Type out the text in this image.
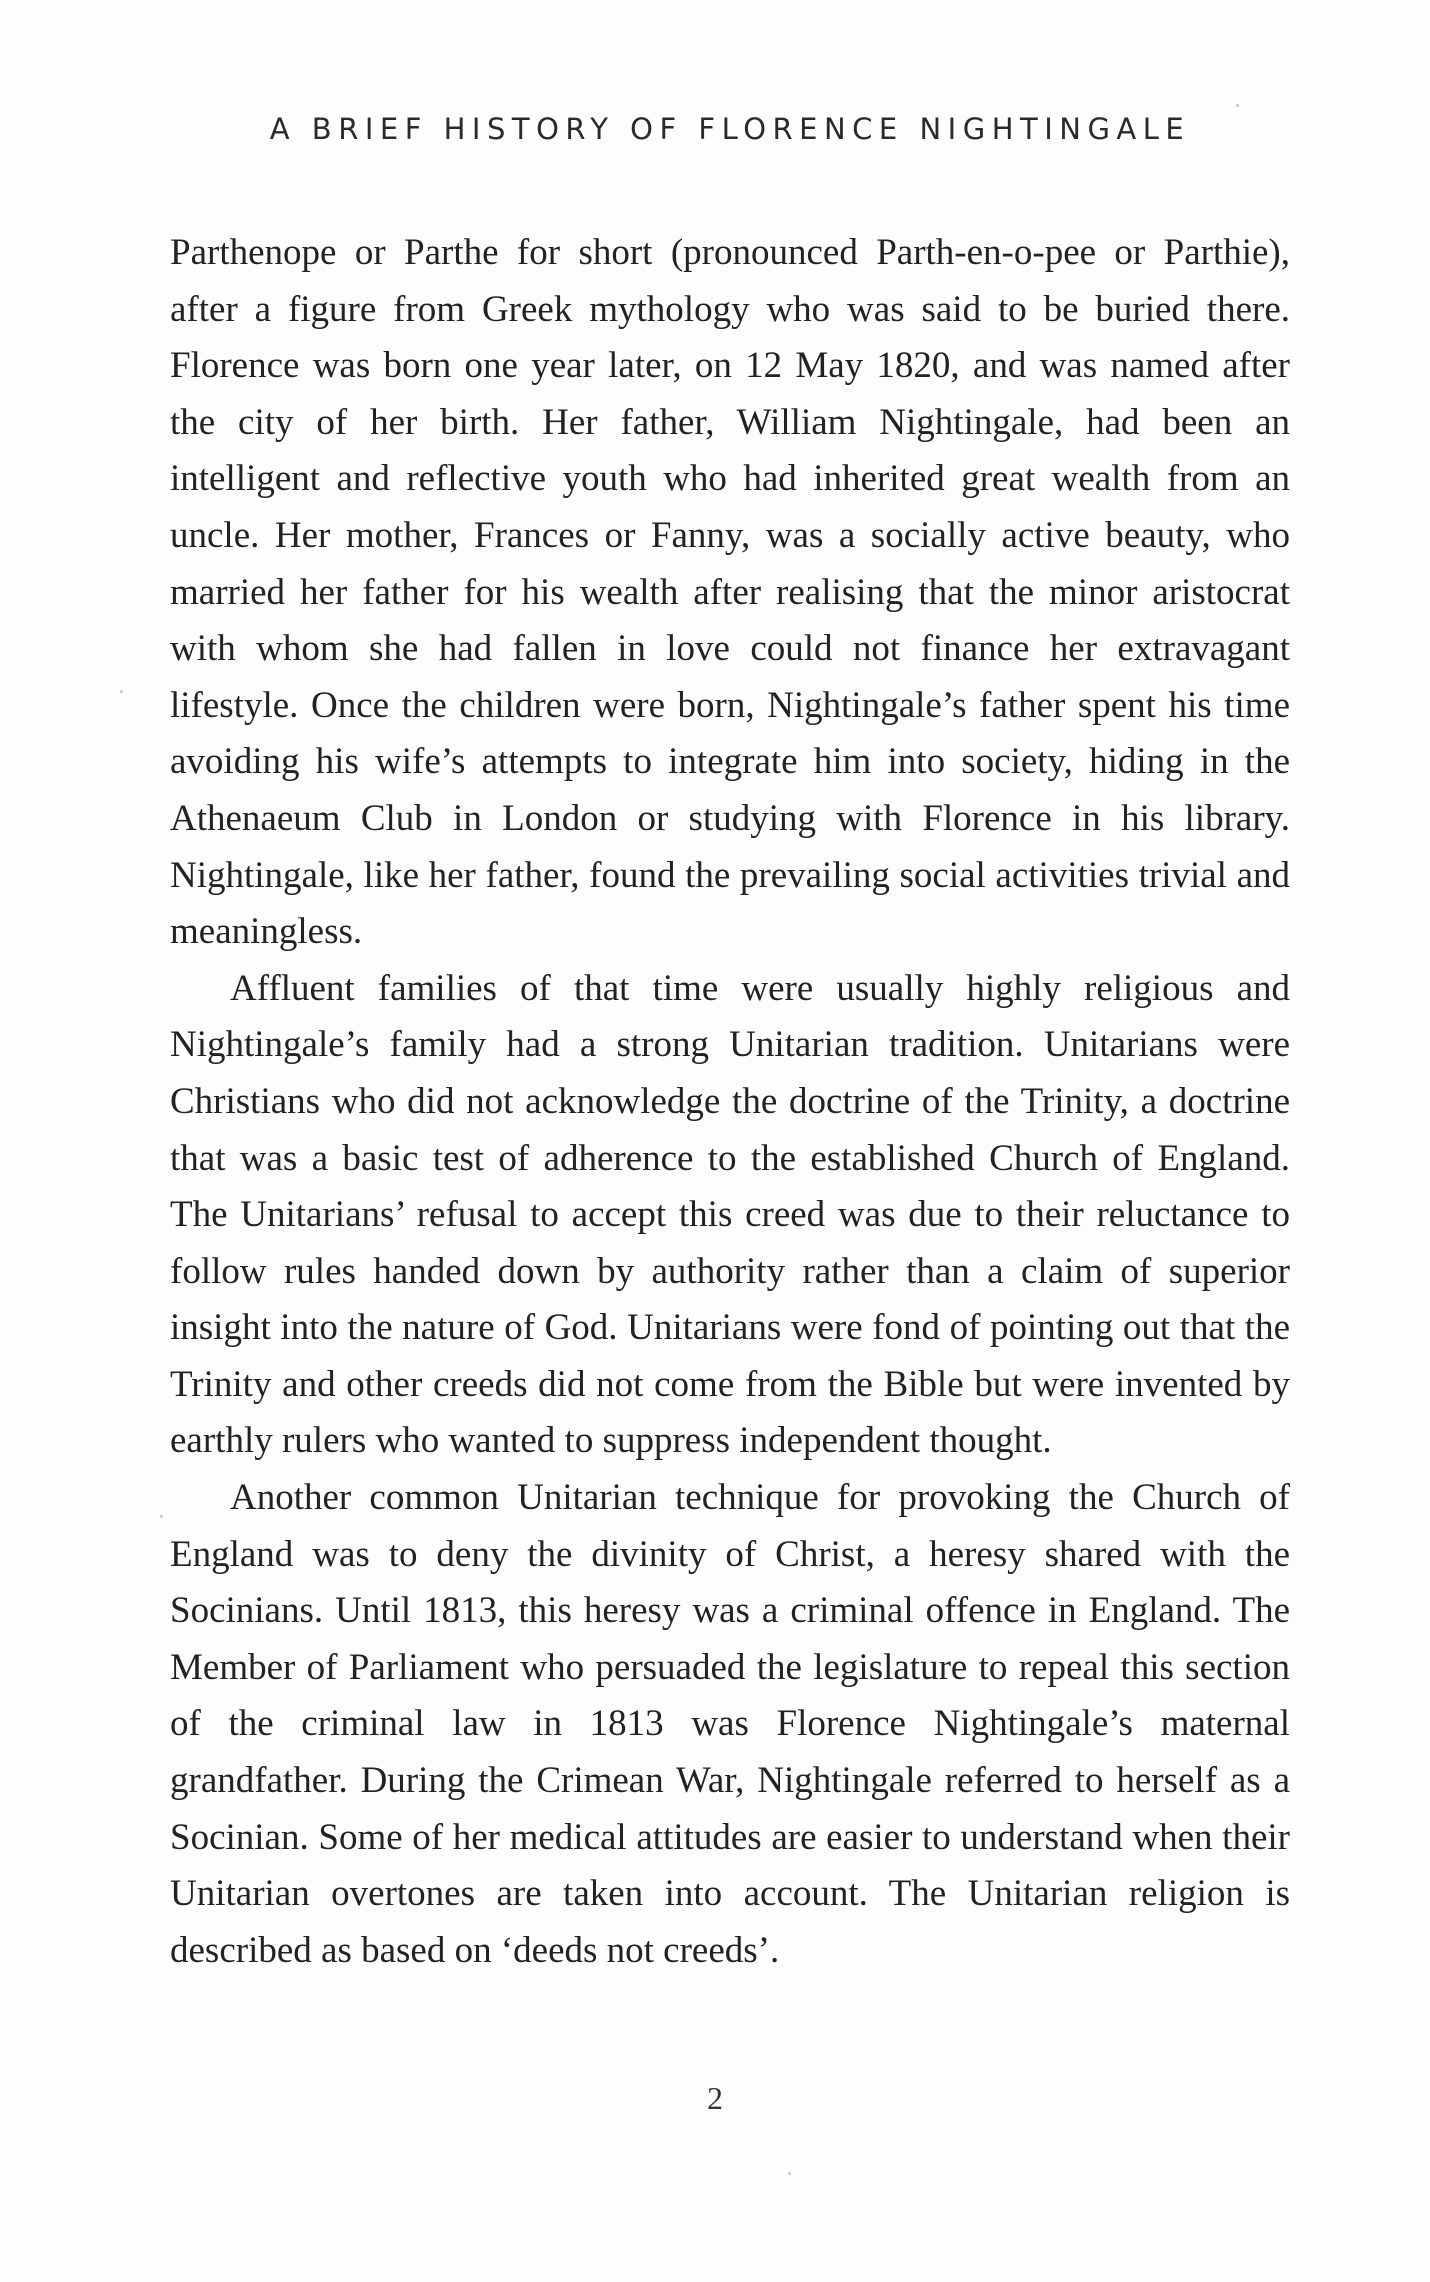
A BRIEF HISTORY OF FLORENCE NIGHTINGALE

Parthenope or Parthe for short (pronounced Parth-en-o-pee or Parthie), after a figure from Greek mythology who was said to be buried there. Florence was born one year later, on 12 May 1820, and was named after the city of her birth. Her father, William Nightingale, had been an intelligent and reflective youth who had inherited great wealth from an uncle. Her mother, Frances or Fanny, was a socially active beauty, who married her father for his wealth after realising that the minor aristocrat with whom she had fallen in love could not finance her extravagant lifestyle. Once the children were born, Nightingale’s father spent his time avoiding his wife’s attempts to integrate him into society, hiding in the Athenaeum Club in London or studying with Florence in his library. Nightingale, like her father, found the prevailing social activities trivial and meaningless.

Affluent families of that time were usually highly religious and Nightingale’s family had a strong Unitarian tradition. Unitarians were Christians who did not acknowledge the doctrine of the Trinity, a doctrine that was a basic test of adherence to the established Church of England. The Unitarians’ refusal to accept this creed was due to their reluctance to follow rules handed down by authority rather than a claim of superior insight into the nature of God. Unitarians were fond of pointing out that the Trinity and other creeds did not come from the Bible but were invented by earthly rulers who wanted to suppress independent thought.

Another common Unitarian technique for provoking the Church of England was to deny the divinity of Christ, a heresy shared with the Socinians. Until 1813, this heresy was a criminal offence in England. The Member of Parliament who persuaded the legislature to repeal this section of the criminal law in 1813 was Florence Nightingale’s maternal grandfather. During the Crimean War, Nightingale referred to herself as a Socinian. Some of her medical attitudes are easier to understand when their Unitarian overtones are taken into account. The Unitarian religion is described as based on ‘deeds not creeds’.

2
